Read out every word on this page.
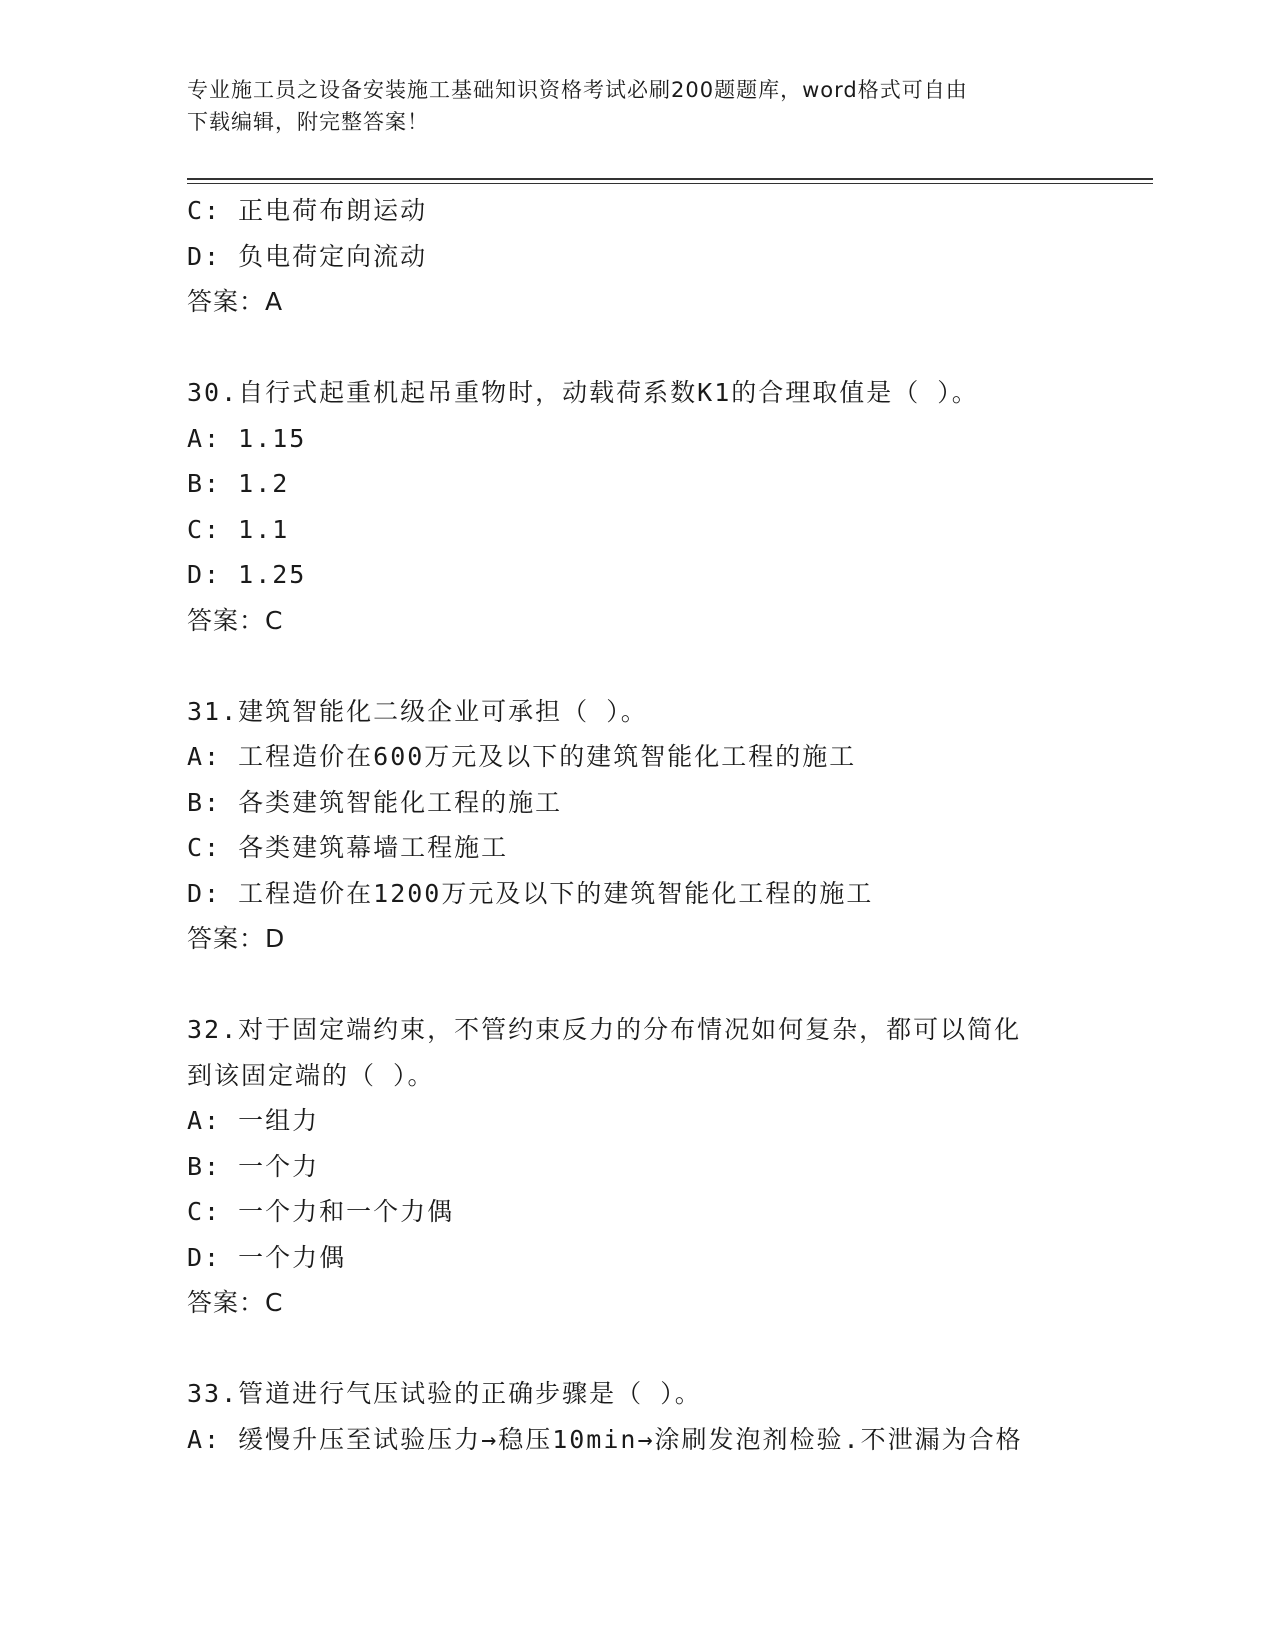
专业施工员之设备安装施工基础知识资格考试必刷200题题库，word格式可自由
下载编辑，附完整答案！
C: 正电荷布朗运动
D: 负电荷定向流动
答案：A
30.自行式起重机起吊重物时，动载荷系数K1的合理取值是（ ）。
A: 1.15
B: 1.2
C: 1.1
D: 1.25
答案：C
31.建筑智能化二级企业可承担（ ）。
A: 工程造价在600万元及以下的建筑智能化工程的施工
B: 各类建筑智能化工程的施工
C: 各类建筑幕墙工程施工
D: 工程造价在1200万元及以下的建筑智能化工程的施工
答案：D
32.对于固定端约束，不管约束反力的分布情况如何复杂，都可以简化
到该固定端的（ ）。
A: 一组力
B: 一个力
C: 一个力和一个力偶
D: 一个力偶
答案：C
33.管道进行气压试验的正确步骤是（ ）。
A: 缓慢升压至试验压力→稳压10min→涂刷发泡剂检验.不泄漏为合格
